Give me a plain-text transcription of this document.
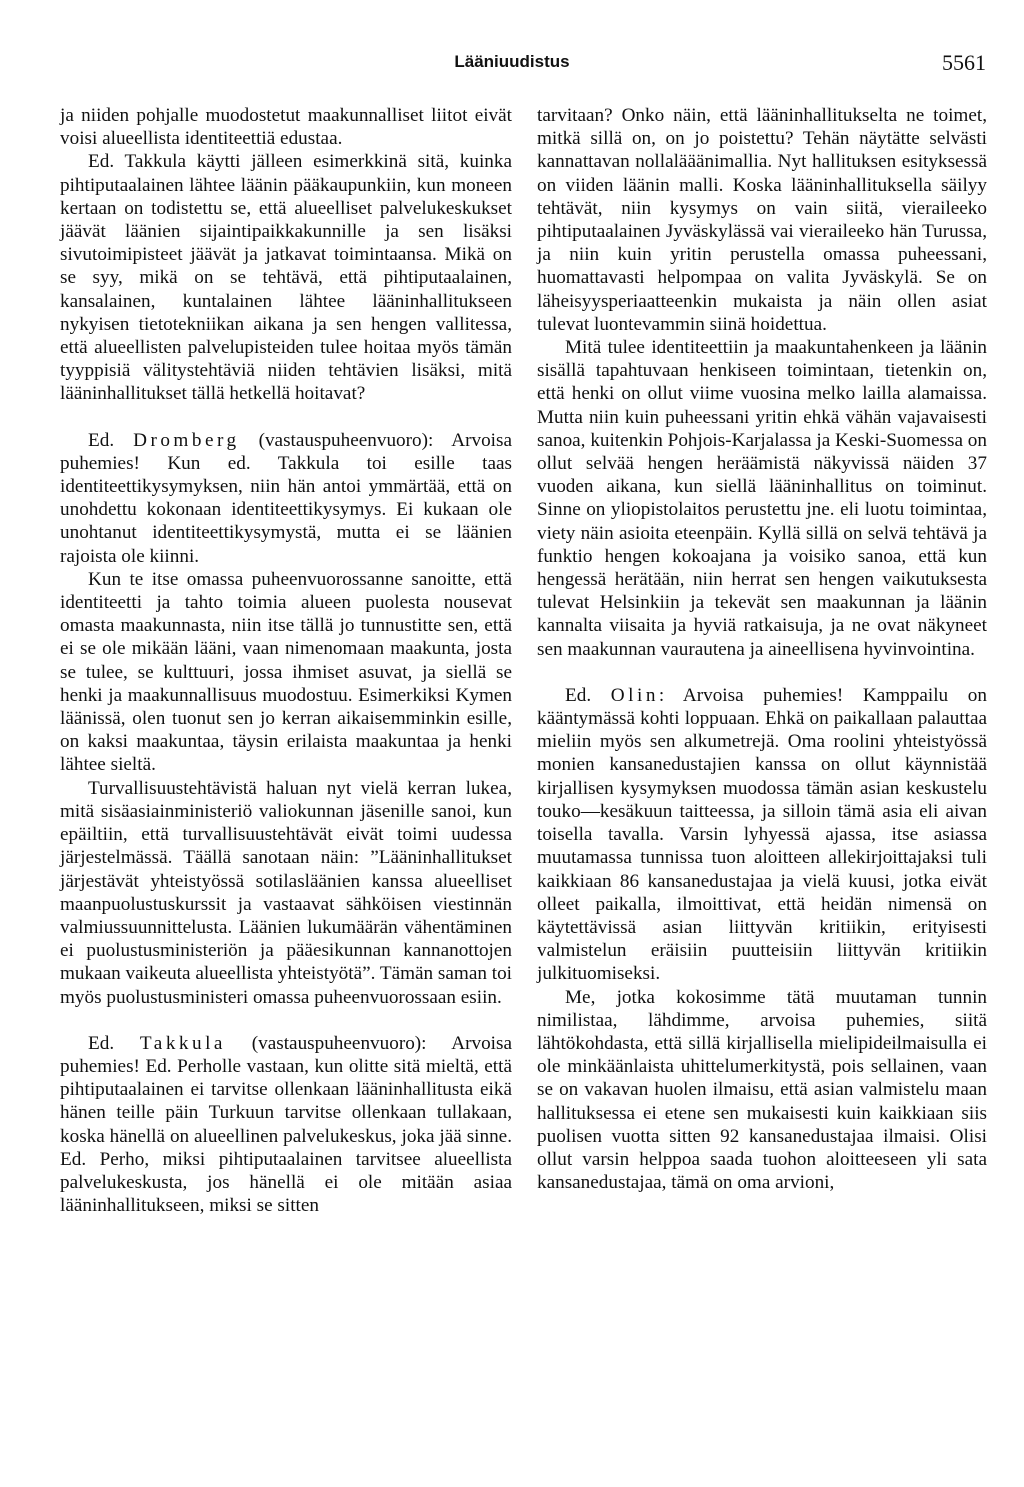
Lääniuudistus	5561

ja niiden pohjalle muodostetut maakunnalliset liitot eivät voisi alueellista identiteettiä edustaa.

Ed. Takkula käytti jälleen esimerkkinä sitä, kuinka pihtiputaalainen lähtee läänin pääkaupunkiin, kun moneen kertaan on todistettu se, että alueelliset palvelukeskukset jäävät läänien sijaintipaikkakunnille ja sen lisäksi sivutoimipisteet jäävät ja jatkavat toimintaansa. Mikä on se syy, mikä on se tehtävä, että pihtiputaalainen, kansalainen, kuntalainen lähtee lääninhallitukseen nykyisen tietotekniikan aikana ja sen hengen vallitessa, että alueellisten palvelupisteiden tulee hoitaa myös tämän tyyppisiä välitystehtäviä niiden tehtävien lisäksi, mitä lääninhallitukset tällä hetkellä hoitavat?

Ed. Dromberg (vastauspuheenvuoro): Arvoisa puhemies! Kun ed. Takkula toi esille taas identiteettikysymyksen, niin hän antoi ymmärtää, että on unohdettu kokonaan identiteettikysymys. Ei kukaan ole unohtanut identiteettikysymystä, mutta ei se läänien rajoista ole kiinni.

Kun te itse omassa puheenvuorossanne sanoitte, että identiteetti ja tahto toimia alueen puolesta nousevat omasta maakunnasta, niin itse tällä jo tunnustitte sen, että ei se ole mikään lääni, vaan nimenomaan maakunta, josta se tulee, se kulttuuri, jossa ihmiset asuvat, ja siellä se henki ja maakunnallisuus muodostuu. Esimerkiksi Kymen läänissä, olen tuonut sen jo kerran aikaisemminkin esille, on kaksi maakuntaa, täysin erilaista maakuntaa ja henki lähtee sieltä.

Turvallisuustehtävistä haluan nyt vielä kerran lukea, mitä sisäasiainministeriö valiokunnan jäsenille sanoi, kun epäiltiin, että turvallisuustehtävät eivät toimi uudessa järjestelmässä. Täällä sanotaan näin: ”Lääninhallitukset järjestävät yhteistyössä sotilasläänien kanssa alueelliset maanpuolustuskurssit ja vastaavat sähköisen viestinnän valmiussuunnittelusta. Läänien lukumäärän vähentäminen ei puolustusministeriön ja pääesikunnan kannanottojen mukaan vaikeuta alueellista yhteistyötä”. Tämän saman toi myös puolustusministeri omassa puheenvuorossaan esiin.

Ed. Takkula (vastauspuheenvuoro): Arvoisa puhemies! Ed. Perholle vastaan, kun olitte sitä mieltä, että pihtiputaalainen ei tarvitse ollenkaan lääninhallitusta eikä hänen teille päin Turkuun tarvitse ollenkaan tullakaan, koska hänellä on alueellinen palvelukeskus, joka jää sinne. Ed. Perho, miksi pihtiputaalainen tarvitsee alueellista palvelukeskusta, jos hänellä ei ole mitään asiaa lääninhallitukseen, miksi se sitten

tarvitaan? Onko näin, että lääninhallitukselta ne toimet, mitkä sillä on, on jo poistettu? Tehän näytätte selvästi kannattavan nollalääänimallia. Nyt hallituksen esityksessä on viiden läänin malli. Koska lääninhallituksella säilyy tehtävät, niin kysymys on vain siitä, vieraileeko pihtiputaalainen Jyväskylässä vai vieraileeko hän Turussa, ja niin kuin yritin perustella omassa puheessani, huomattavasti helpompaa on valita Jyväskylä. Se on läheisyysperiaatteenkin mukaista ja näin ollen asiat tulevat luontevammin siinä hoidettua.

Mitä tulee identiteettiin ja maakuntahenkeen ja läänin sisällä tapahtuvaan henkiseen toimintaan, tietenkin on, että henki on ollut viime vuosina melko lailla alamaissa. Mutta niin kuin puheessani yritin ehkä vähän vajavaisesti sanoa, kuitenkin Pohjois-Karjalassa ja Keski-Suomessa on ollut selvää hengen heräämistä näkyvissä näiden 37 vuoden aikana, kun siellä lääninhallitus on toiminut. Sinne on yliopistolaitos perustettu jne. eli luotu toimintaa, viety näin asioita eteenpäin. Kyllä sillä on selvä tehtävä ja funktio hengen kokoajana ja voisiko sanoa, että kun hengessä herätään, niin herrat sen hengen vaikutuksesta tulevat Helsinkiin ja tekevät sen maakunnan ja läänin kannalta viisaita ja hyviä ratkaisuja, ja ne ovat näkyneet sen maakunnan vaurautena ja aineellisena hyvinvointina.

Ed. Olin: Arvoisa puhemies! Kamppailu on kääntymässä kohti loppuaan. Ehkä on paikallaan palauttaa mieliin myös sen alkumetrejä. Oma roolini yhteistyössä monien kansanedustajien kanssa on ollut käynnistää kirjallisen kysymyksen muodossa tämän asian keskustelu touko—kesäkuun taitteessa, ja silloin tämä asia eli aivan toisella tavalla. Varsin lyhyessä ajassa, itse asiassa muutamassa tunnissa tuon aloitteen allekirjoittajaksi tuli kaikkiaan 86 kansanedustajaa ja vielä kuusi, jotka eivät olleet paikalla, ilmoittivat, että heidän nimensä on käytettävissä asian liittyvän kritiikin, erityisesti valmistelun eräisiin puutteisiin liittyvän kritiikin julkituomiseksi.

Me, jotka kokosimme tätä muutaman tunnin nimilistaa, lähdimme, arvoisa puhemies, siitä lähtökohdasta, että sillä kirjallisella mielipideilmaisulla ei ole minkäänlaista uhittelumerkitystä, pois sellainen, vaan se on vakavan huolen ilmaisu, että asian valmistelu maan hallituksessa ei etene sen mukaisesti kuin kaikkiaan siis puolisen vuotta sitten 92 kansanedustajaa ilmaisi. Olisi ollut varsin helppoa saada tuohon aloitteeseen yli sata kansanedustajaa, tämä on oma arvioni,
